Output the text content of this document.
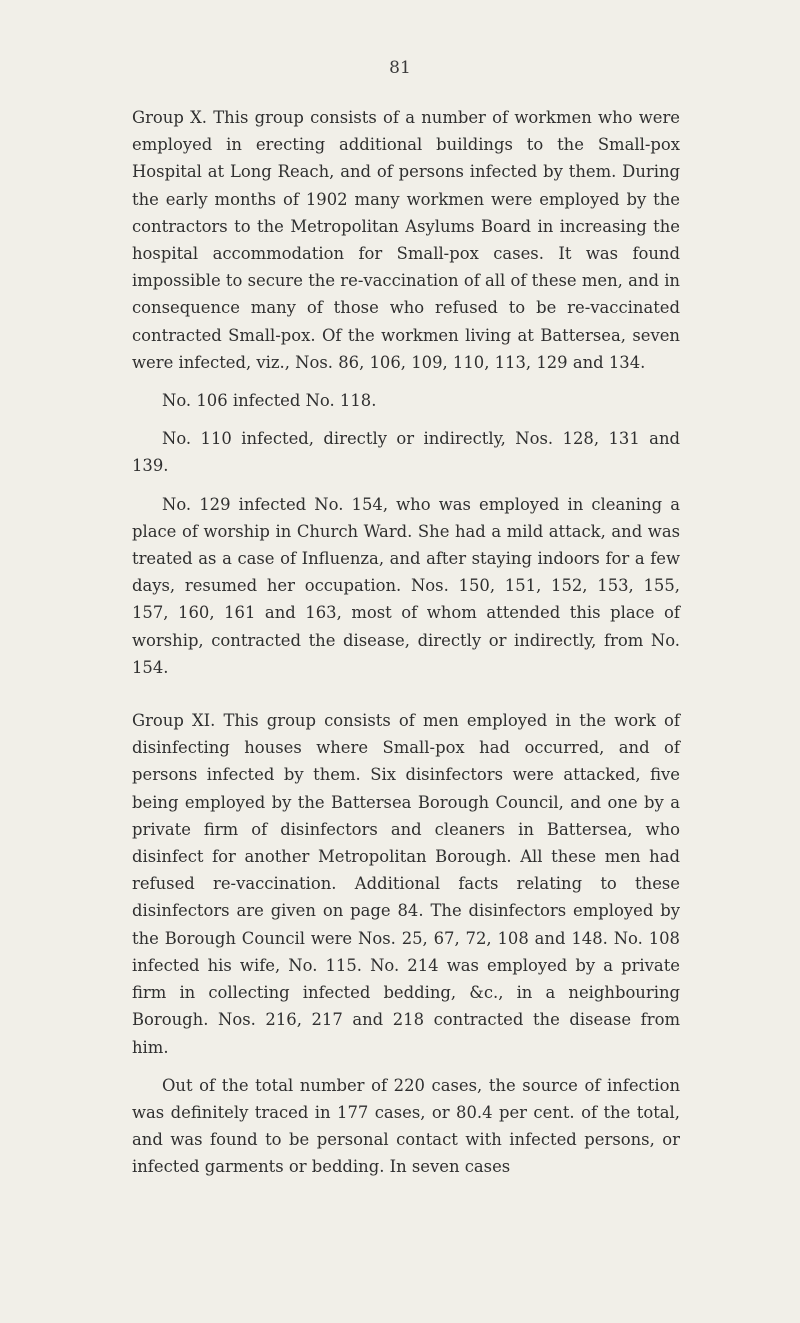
81

Group X. This group consists of a number of workmen who were employed in erecting additional buildings to the Small-pox Hospital at Long Reach, and of persons infected by them. During the early months of 1902 many workmen were employed by the contractors to the Metropolitan Asylums Board in increasing the hospital accommodation for Small-pox cases. It was found impossible to secure the re-vaccination of all of these men, and in consequence many of those who refused to be re-vaccinated contracted Small-pox. Of the workmen living at Battersea, seven were infected, viz., Nos. 86, 106, 109, 110, 113, 129 and 134.

No. 106 infected No. 118.

No. 110 infected, directly or indirectly, Nos. 128, 131 and 139.

No. 129 infected No. 154, who was employed in cleaning a place of worship in Church Ward. She had a mild attack, and was treated as a case of Influenza, and after staying indoors for a few days, resumed her occupation. Nos. 150, 151, 152, 153, 155, 157, 160, 161 and 163, most of whom attended this place of worship, contracted the disease, directly or indirectly, from No. 154.

Group XI. This group consists of men employed in the work of disinfecting houses where Small-pox had occurred, and of persons infected by them. Six disinfectors were attacked, five being employed by the Battersea Borough Council, and one by a private firm of disinfectors and cleaners in Battersea, who disinfect for another Metropolitan Borough. All these men had refused re-vaccination. Additional facts relating to these disinfectors are given on page 84. The disinfectors employed by the Borough Council were Nos. 25, 67, 72, 108 and 148. No. 108 infected his wife, No. 115. No. 214 was employed by a private firm in collecting infected bedding, &c., in a neighbouring Borough. Nos. 216, 217 and 218 contracted the disease from him.

Out of the total number of 220 cases, the source of infection was definitely traced in 177 cases, or 80.4 per cent. of the total, and was found to be personal contact with infected persons, or infected garments or bedding. In seven cases
